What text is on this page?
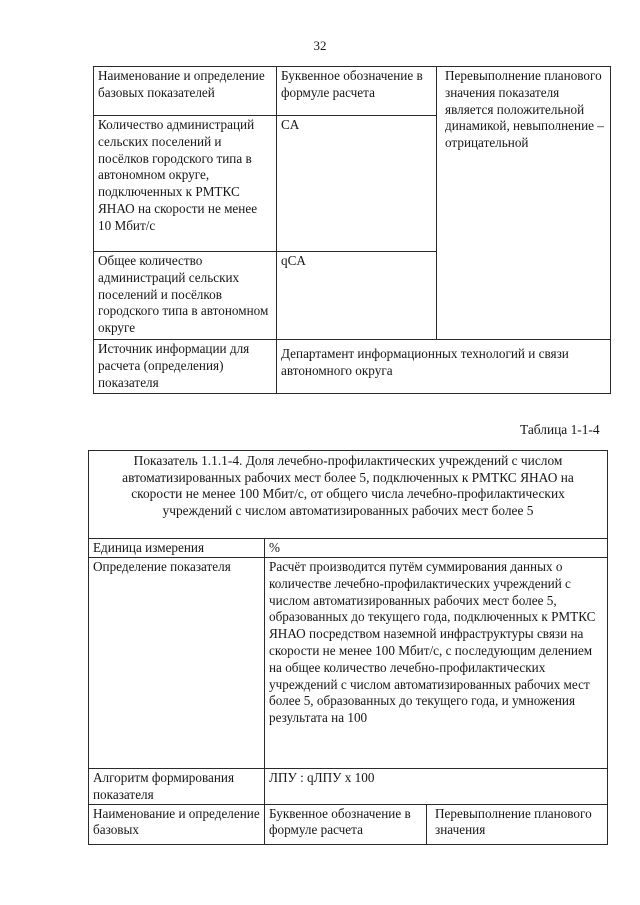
32
Наименование и определение базовых показателей	Буквенное обозначение в формуле расчета	Перевыполнение планового значения показателя является положительной динамикой, невыполнение – отрицательной
Количество администраций сельских поселений и посёлков городского типа в автономном округе, подключенных к РМТКС ЯНАО на скорости не менее 10 Мбит/с	CA	
Общее количество администраций сельских поселений и посёлков городского типа в автономном округе	qCA	
Источник информации для расчета (определения) показателя	Департамент информационных технологий и связи автономного округа	
Таблица 1-1-4
Показатель 1.1.1-4. Доля лечебно-профилактических учреждений с числом автоматизированных рабочих мест более 5, подключенных к РМТКС ЯНАО на скорости не менее 100 Мбит/с, от общего числа лечебно-профилактических учреждений с числом автоматизированных рабочих мест более 5		
Единица измерения	%	
Определение показателя	Расчёт производится путём суммирования данных о количестве лечебно-профилактических учреждений с числом автоматизированных рабочих мест более 5, образованных до текущего года, подключенных к РМТКС ЯНАО посредством наземной инфраструктуры связи на скорости не менее 100 Мбит/с, с последующим делением на общее количество лечебно-профилактических учреждений с числом автоматизированных рабочих мест более 5, образованных до текущего года, и умножения результата на 100	
Алгоритм формирования показателя	ЛПУ : qЛПУ x 100	
Наименование и определение базовых	Буквенное обозначение в формуле расчета	Перевыполнение планового значения
